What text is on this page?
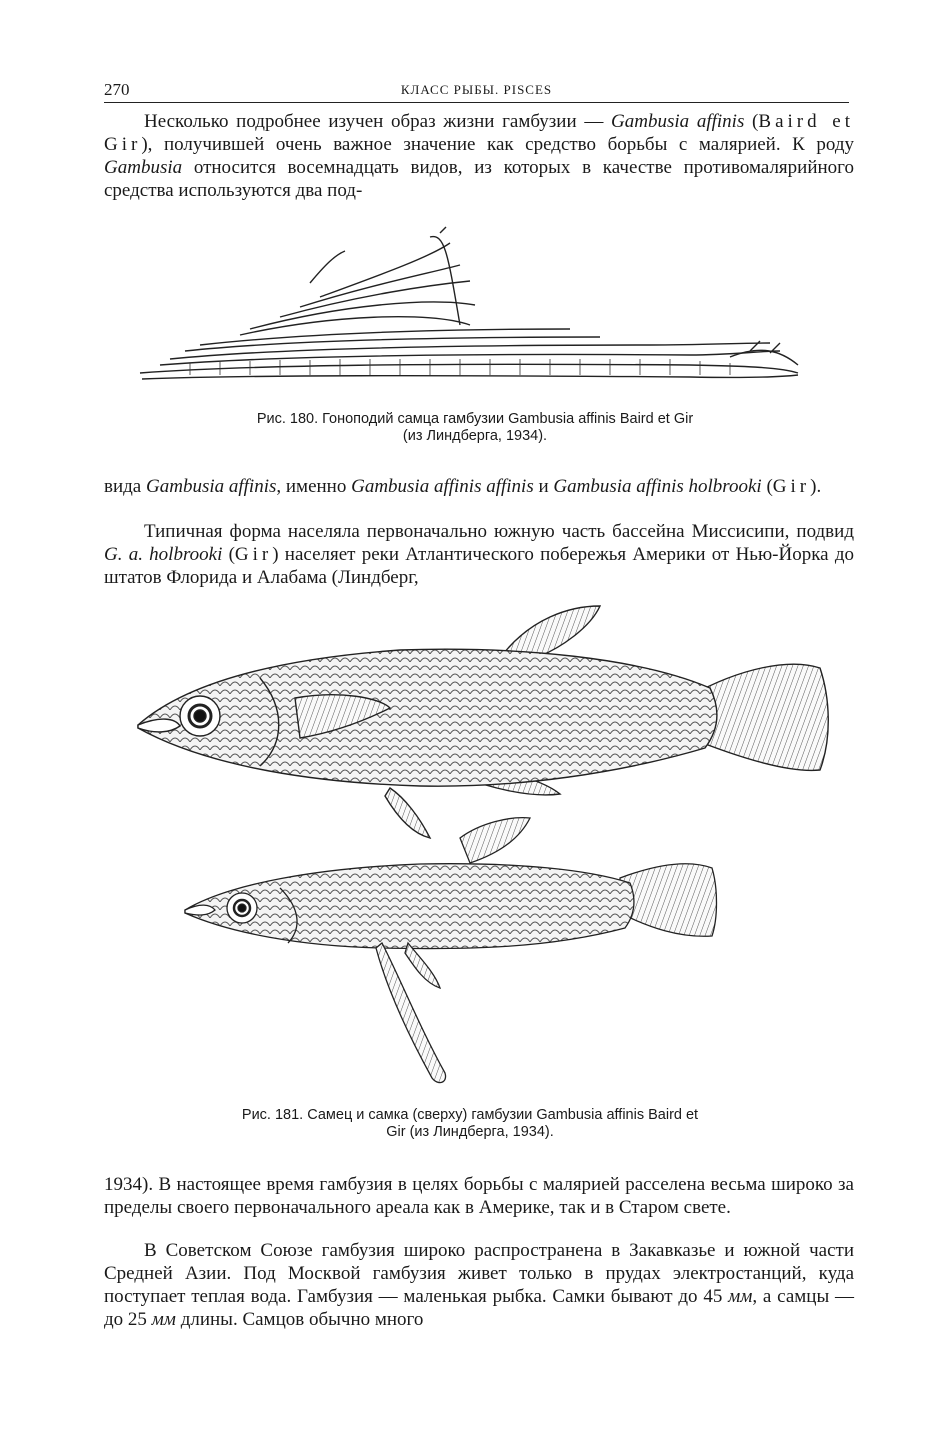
270	КЛАСС РЫБЫ. PISCES

Несколько подробнее изучен образ жизни гамбузии — Gambusia affinis (Baird et Gir), получившей очень важное значение как средство борьбы с малярией. К роду Gambusia относится восемнадцать видов, из которых в качестве противомалярийного средства используются два под-

Рис. 180. Гоноподий самца гамбузии Gambusia affinis Baird et Gir
(из Линдберга, 1934).

вида Gambusia affinis, именно Gambusia affinis affinis и Gambusia affinis holbrooki (Gir).

Типичная форма населяла первоначально южную часть бассейна Миссисипи, подвид G. a. holbrooki (Gir) населяет реки Атлантического побережья Америки от Нью-Йорка до штатов Флорида и Алабама (Линдберг,

Рис. 181. Самец и самка (сверху) гамбузии Gambusia affinis Baird et
Gir (из Линдберга, 1934).

1934). В настоящее время гамбузия в целях борьбы с малярией расселена весьма широко за пределы своего первоначального ареала как в Америке, так и в Старом свете.

В Советском Союзе гамбузия широко распространена в Закавказье и южной части Средней Азии. Под Москвой гамбузия живет только в прудах электростанций, куда поступает теплая вода. Гамбузия — маленькая рыбка. Самки бывают до 45 мм, а самцы — до 25 мм длины. Самцов обычно много
